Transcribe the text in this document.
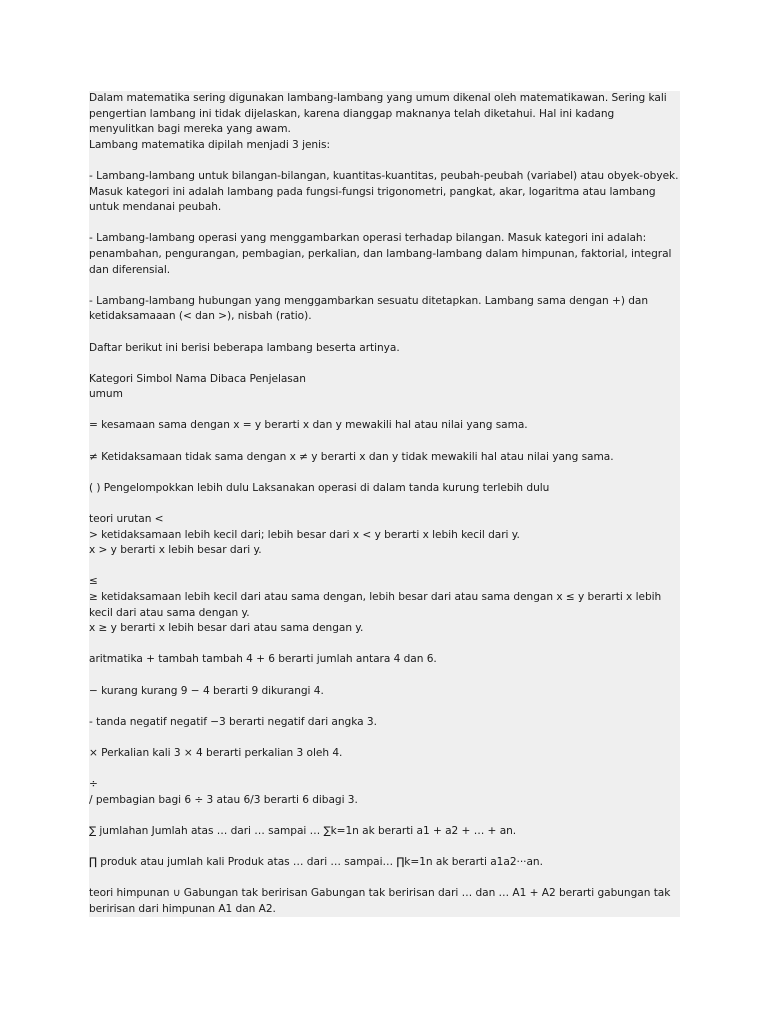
Dalam matematika sering digunakan lambang-lambang yang umum dikenal oleh matematikawan. Sering kali pengertian lambang ini tidak dijelaskan, karena dianggap maknanya telah diketahui. Hal ini kadang menyulitkan bagi mereka yang awam.

Lambang matematika dipilah menjadi 3 jenis:

- Lambang-lambang untuk bilangan-bilangan, kuantitas-kuantitas, peubah-peubah (variabel) atau obyek-obyek. Masuk kategori ini adalah lambang pada fungsi-fungsi trigonometri, pangkat, akar, logaritma atau lambang untuk mendanai peubah.

- Lambang-lambang operasi yang menggambarkan operasi terhadap bilangan. Masuk kategori ini adalah: penambahan, pengurangan, pembagian, perkalian, dan lambang-lambang dalam himpunan, faktorial, integral dan diferensial.

- Lambang-lambang hubungan yang menggambarkan sesuatu ditetapkan. Lambang sama dengan +) dan ketidaksamaaan (< dan >), nisbah (ratio).

Daftar berikut ini berisi beberapa lambang beserta artinya.

Kategori Simbol Nama Dibaca Penjelasan

umum

= kesamaan sama dengan x = y berarti x dan y mewakili hal atau nilai yang sama.

≠ Ketidaksamaan tidak sama dengan x ≠ y berarti x dan y tidak mewakili hal atau nilai yang sama.

( ) Pengelompokkan lebih dulu Laksanakan operasi di dalam tanda kurung terlebih dulu

teori urutan <

> ketidaksamaan lebih kecil dari; lebih besar dari x < y berarti x lebih kecil dari y.

x > y berarti x lebih besar dari y.

≤

≥ ketidaksamaan lebih kecil dari atau sama dengan, lebih besar dari atau sama dengan x ≤ y berarti x lebih kecil dari atau sama dengan y.

x ≥ y berarti x lebih besar dari atau sama dengan y.

aritmatika + tambah tambah 4 + 6 berarti jumlah antara 4 dan 6.

− kurang kurang 9 − 4 berarti 9 dikurangi 4.

- tanda negatif negatif −3 berarti negatif dari angka 3.

× Perkalian kali 3 × 4 berarti perkalian 3 oleh 4.

÷

/ pembagian bagi 6 ÷ 3 atau 6/3 berarti 6 dibagi 3.

∑ jumlahan Jumlah atas … dari … sampai … ∑k=1n ak berarti a1 + a2 + … + an.

∏ produk atau jumlah kali Produk atas … dari … sampai… ∏k=1n ak berarti a1a2···an.

teori himpunan ∪ Gabungan tak beririsan Gabungan tak beririsan dari … dan … A1 + A2 berarti gabungan tak beririsan dari himpunan A1 dan A2.
